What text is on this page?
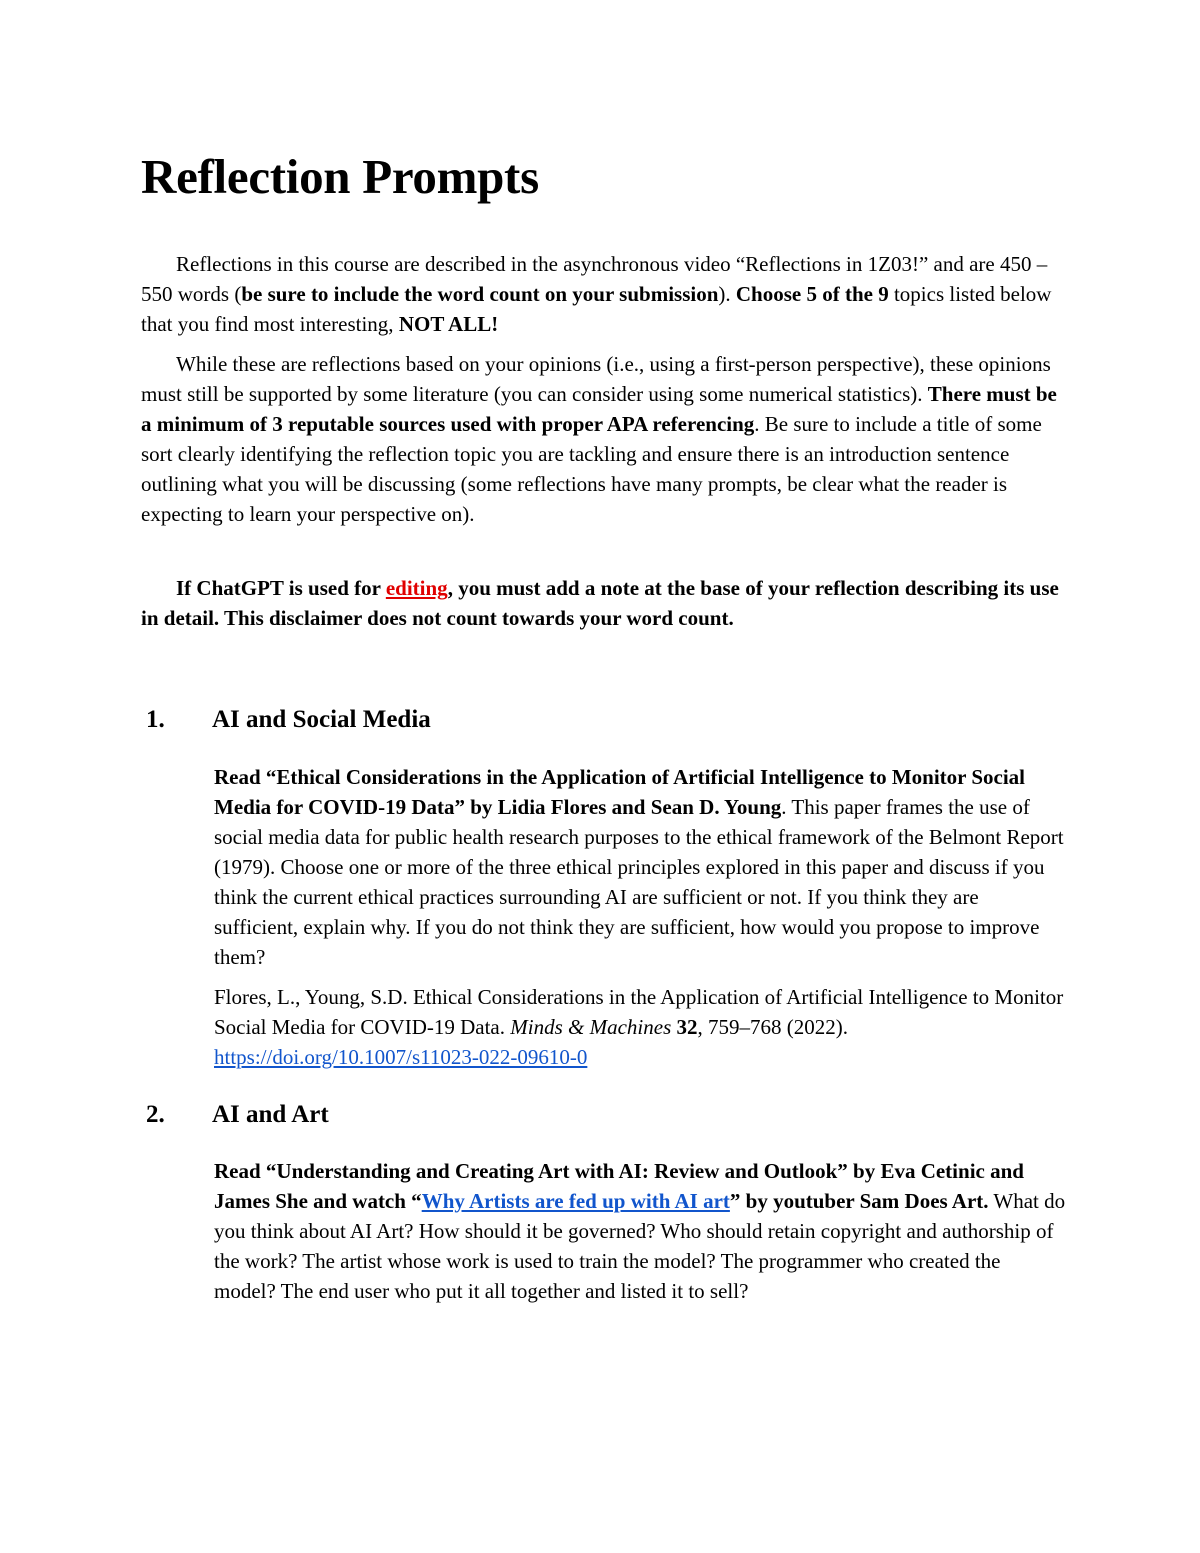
Reflection Prompts

Reflections in this course are described in the asynchronous video “Reflections in 1Z03!” and are 450 – 550 words (be sure to include the word count on your submission). Choose 5 of the 9 topics listed below that you find most interesting, NOT ALL!

While these are reflections based on your opinions (i.e., using a first-person perspective), these opinions must still be supported by some literature (you can consider using some numerical statistics). There must be a minimum of 3 reputable sources used with proper APA referencing. Be sure to include a title of some sort clearly identifying the reflection topic you are tackling and ensure there is an introduction sentence outlining what you will be discussing (some reflections have many prompts, be clear what the reader is expecting to learn your perspective on).

If ChatGPT is used for editing, you must add a note at the base of your reflection describing its use in detail. This disclaimer does not count towards your word count.

1. AI and Social Media

Read “Ethical Considerations in the Application of Artificial Intelligence to Monitor Social Media for COVID-19 Data” by Lidia Flores and Sean D. Young. This paper frames the use of social media data for public health research purposes to the ethical framework of the Belmont Report (1979). Choose one or more of the three ethical principles explored in this paper and discuss if you think the current ethical practices surrounding AI are sufficient or not. If you think they are sufficient, explain why. If you do not think they are sufficient, how would you propose to improve them?

Flores, L., Young, S.D. Ethical Considerations in the Application of Artificial Intelligence to Monitor Social Media for COVID-19 Data. Minds & Machines 32, 759–768 (2022). https://doi.org/10.1007/s11023-022-09610-0

2. AI and Art

Read “Understanding and Creating Art with AI: Review and Outlook” by Eva Cetinic and James She and watch “Why Artists are fed up with AI art” by youtuber Sam Does Art. What do you think about AI Art? How should it be governed? Who should retain copyright and authorship of the work? The artist whose work is used to train the model? The programmer who created the model? The end user who put it all together and listed it to sell?
